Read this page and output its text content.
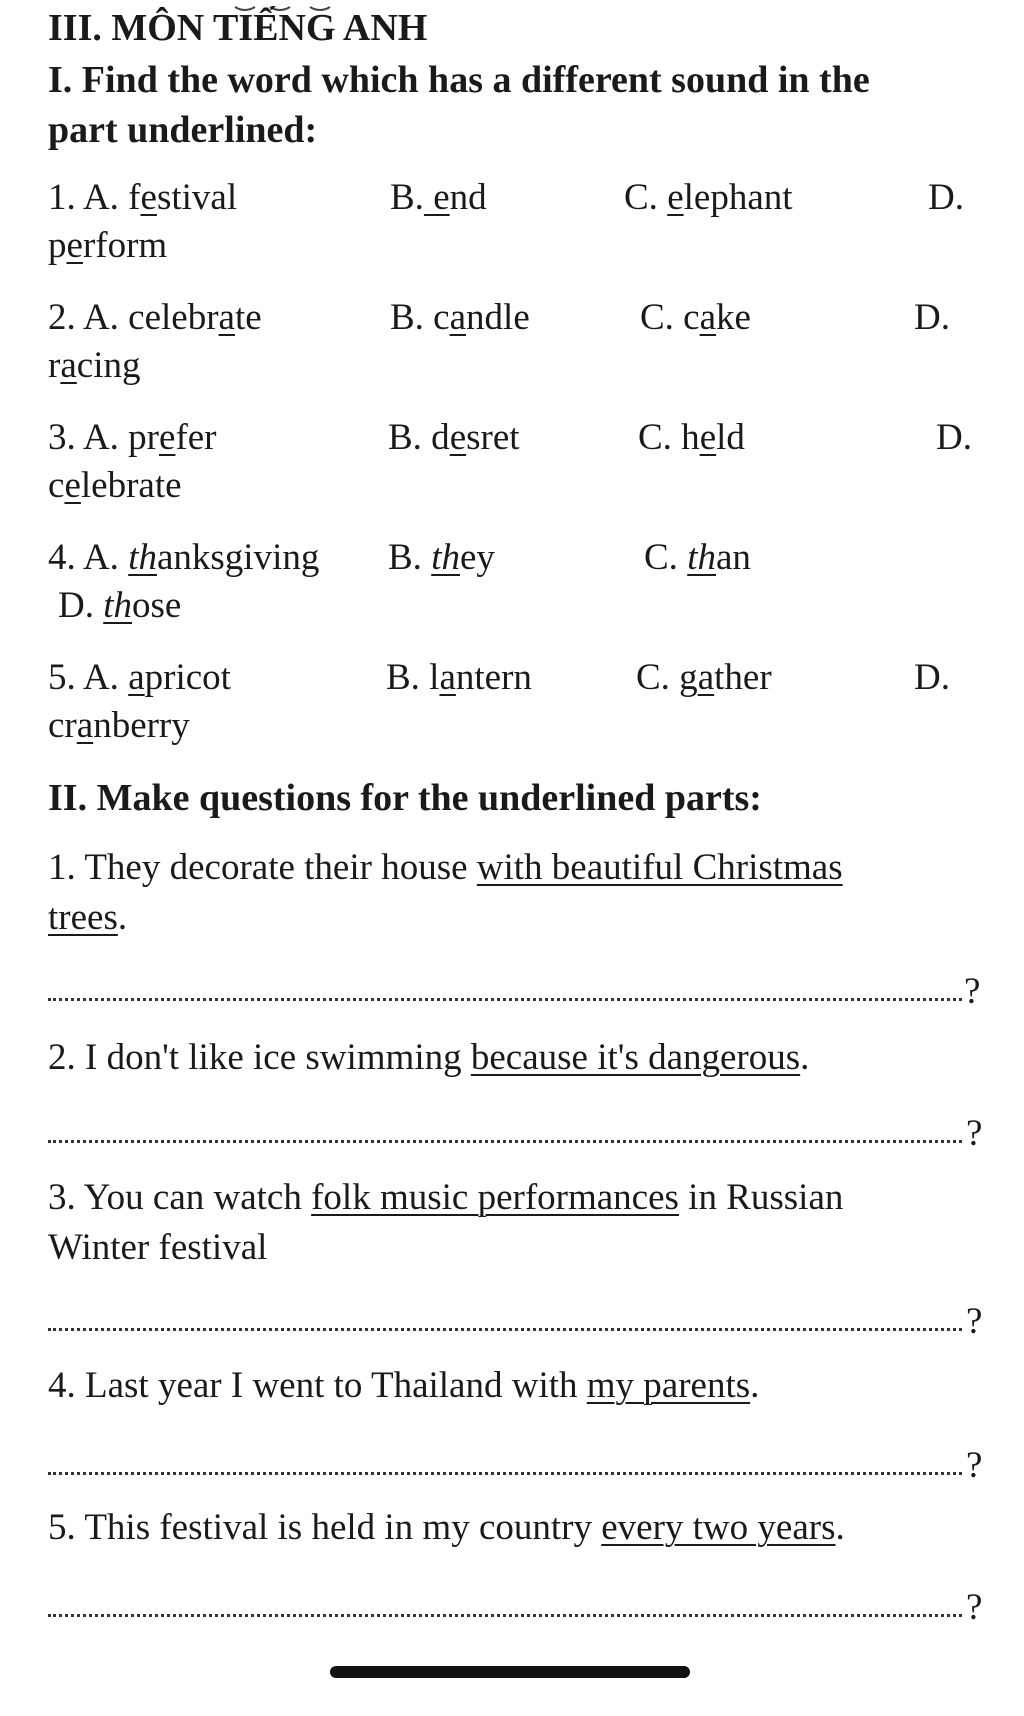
III. MÔN TIẾNG ANH
I. Find the word which has a different sound in the
part underlined:
1. A. festival	B. end	C. elephant	D.
perform
2. A. celebrate	B. candle	C. cake	D.
racing
3. A. prefer	B. desret	C. held	D.
celebrate
4. A. thanksgiving B. they	C. than
D. those
5. A. apricot	B. lantern	C. gather	D.
cranberry
II. Make questions for the underlined parts:
1. They decorate their house with beautiful Christmas
trees.
?
2. I don't like ice swimming because it's dangerous.
?
3. You can watch folk music performances in Russian
Winter festival
?
4. Last year I went to Thailand with my parents.
?
5. This festival is held in my country every two years.
?
